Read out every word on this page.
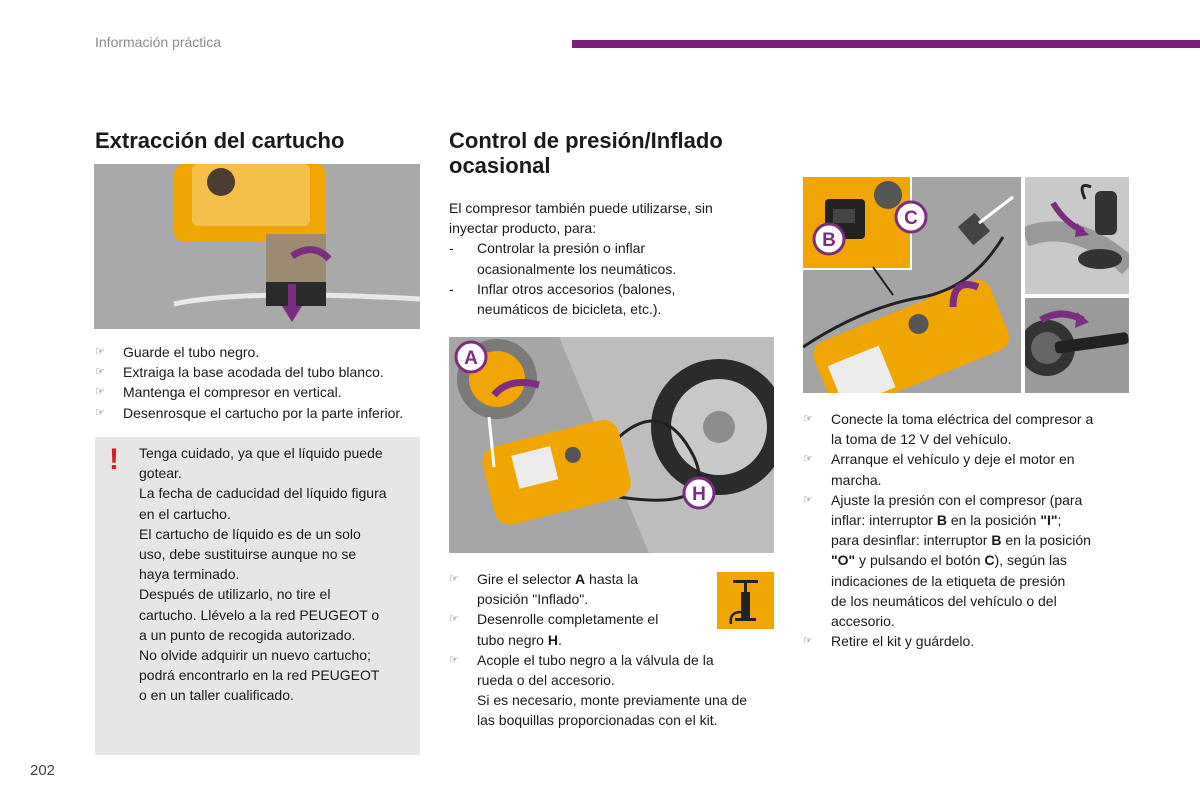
Información práctica
Extracción del cartucho
☞	Guarde el tubo negro.
☞	Extraiga la base acodada del tubo blanco.
☞	Mantenga el compresor en vertical.
☞	Desenrosque el cartucho por la parte inferior.
! Tenga cuidado, ya que el líquido puede
gotear.
La fecha de caducidad del líquido figura
en el cartucho.
El cartucho de líquido es de un solo
uso, debe sustituirse aunque no se
haya terminado.
Después de utilizarlo, no tire el
cartucho. Llévelo a la red PEUGEOT o
a un punto de recogida autorizado.
No olvide adquirir un nuevo cartucho;
podrá encontrarlo en la red PEUGEOT
o en un taller cualificado.
Control de presión/Inflado
ocasional
El compresor también puede utilizarse, sin
inyectar producto, para:
- Controlar la presión o inflar
ocasionalmente los neumáticos.
- Inflar otros accesorios (balones,
neumáticos de bicicleta, etc.).
A
H
☞	Gire el selector A hasta la
posición "Inflado".
☞	Desenrolle completamente el
tubo negro H.
☞	Acople el tubo negro a la válvula de la
rueda o del accesorio.
Si es necesario, monte previamente una de
las boquillas proporcionadas con el kit.
B
C
☞	Conecte la toma eléctrica del compresor a
la toma de 12 V del vehículo.
☞	Arranque el vehículo y deje el motor en
marcha.
☞	Ajuste la presión con el compresor (para
inflar: interruptor B en la posición "I";
para desinflar: interruptor B en la posición
"O" y pulsando el botón C), según las
indicaciones de la etiqueta de presión
de los neumáticos del vehículo o del
accesorio.
☞	Retire el kit y guárdelo.
202
